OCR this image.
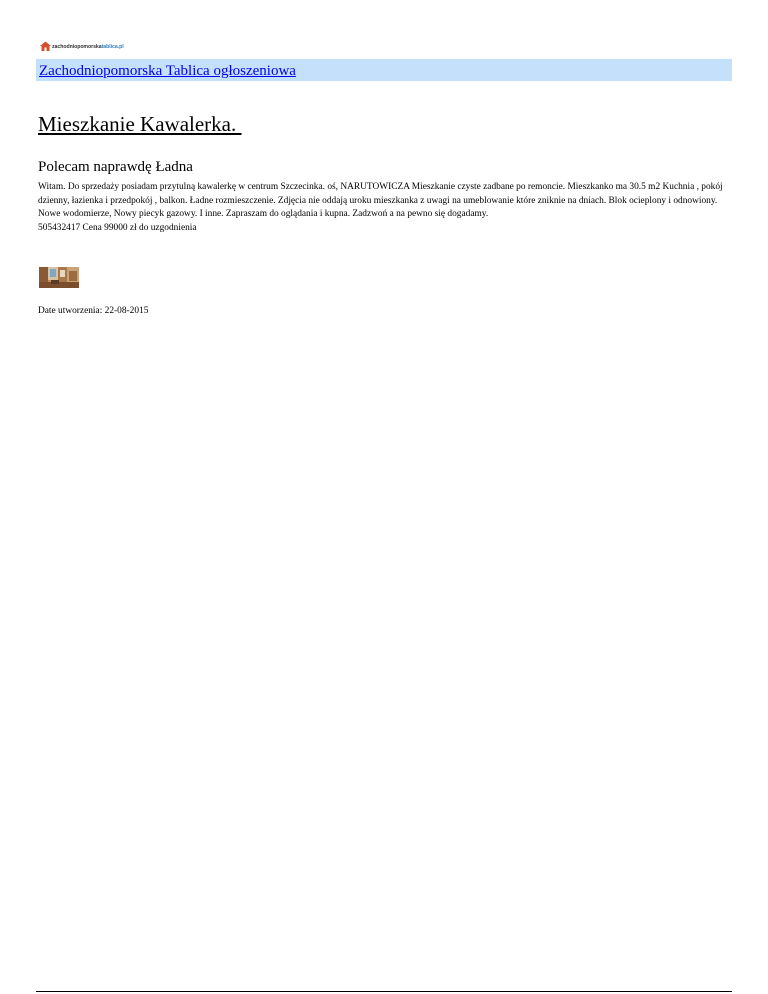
zachodniopomorskatablica.pl
Zachodniopomorska Tablica ogłoszeniowa
Mieszkanie Kawalerka.
Polecam naprawdę Ładna

Witam. Do sprzedaży posiadam przytulną kawalerkę w centrum Szczecinka. oś, NARUTOWICZA Mieszkanie czyste zadbane po remoncie. Mieszkanko ma 30.5 m2 Kuchnia , pokój dzienny, łazienka i przedpokój , balkon. Ładne rozmieszczenie. Zdjęcia nie oddają uroku mieszkanka z uwagi na umeblowanie które zniknie na dniach. Blok ocieplony i odnowiony. Nowe wodomierze, Nowy piecyk gazowy. I inne. Zapraszam do oglądania i kupna. Zadzwoń a na pewno się dogadamy.

505432417 Cena 99000 zł do uzgodnienia

Date utworzenia: 22-08-2015
